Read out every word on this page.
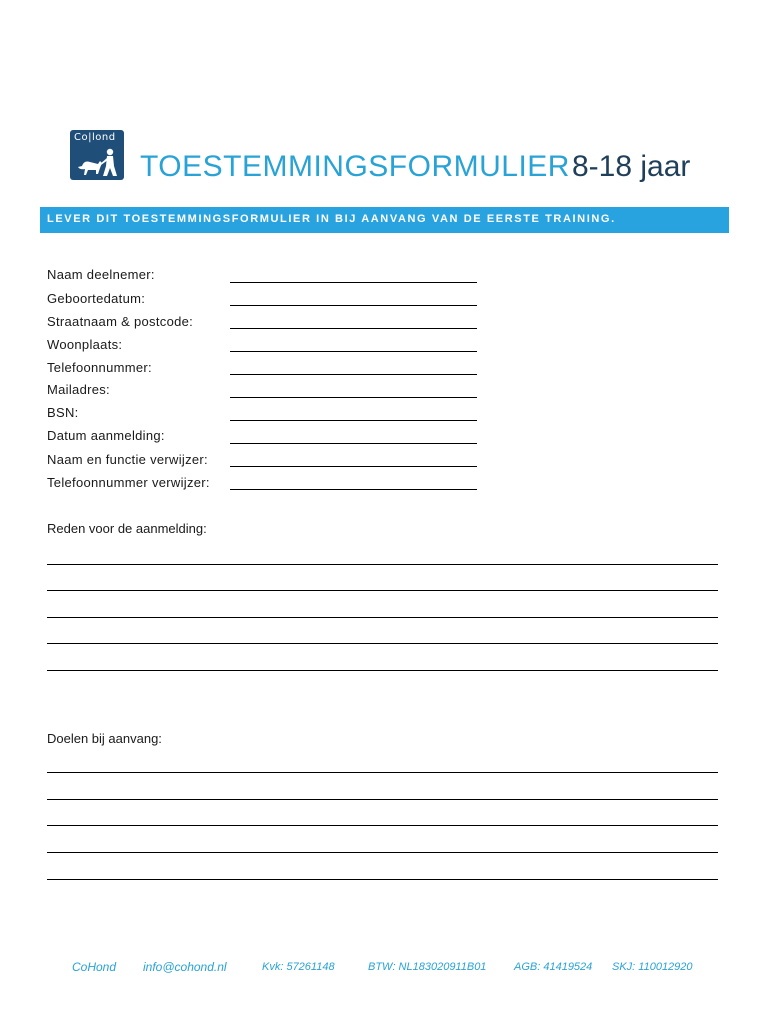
Co|lond
TOESTEMMINGSFORMULIER 8-18 jaar
LEVER DIT TOESTEMMINGSFORMULIER IN BIJ AANVANG VAN DE EERSTE TRAINING.
Naam deelnemer:
Geboortedatum:
Straatnaam & postcode:
Woonplaats:
Telefoonnummer:
Mailadres:
BSN:
Datum aanmelding:
Naam en functie verwijzer:
Telefoonnummer verwijzer:
Reden voor de aanmelding:
Doelen bij aanvang:
CoHond info@cohond.nl	Kvk: 57261148	BTW: NL183020911B01	AGB: 41419524 SKJ: 110012920
